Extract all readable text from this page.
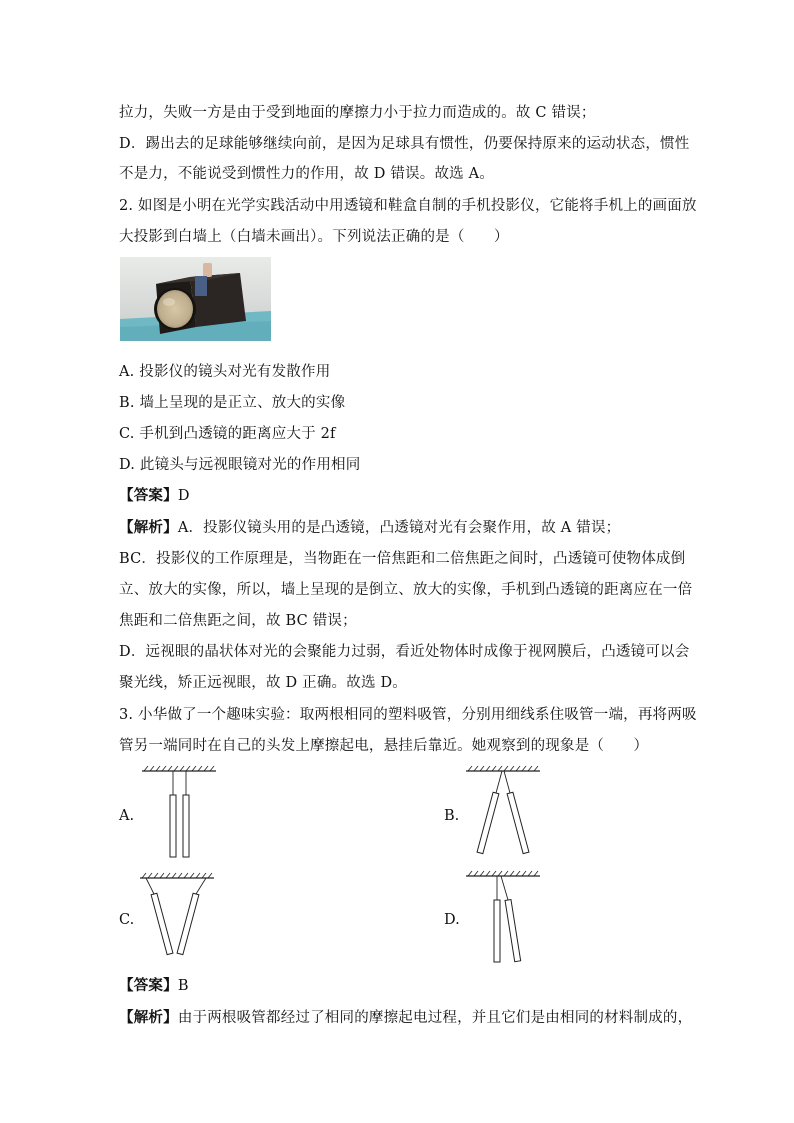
拉力，失败一方是由于受到地面的摩擦力小于拉力而造成的。故 C 错误；
D．踢出去的足球能够继续向前，是因为足球具有惯性，仍要保持原来的运动状态，惯性
不是力，不能说受到惯性力的作用，故 D 错误。故选 A。
2. 如图是小明在光学实践活动中用透镜和鞋盒自制的手机投影仪，它能将手机上的画面放
大投影到白墙上（白墙未画出）。下列说法正确的是（　　）
A. 投影仪的镜头对光有发散作用
B. 墙上呈现的是正立、放大的实像
C. 手机到凸透镜的距离应大于 2f
D. 此镜头与远视眼镜对光的作用相同
【答案】D
【解析】A．投影仪镜头用的是凸透镜，凸透镜对光有会聚作用，故 A 错误；
BC．投影仪的工作原理是，当物距在一倍焦距和二倍焦距之间时，凸透镜可使物体成倒
立、放大的实像，所以，墙上呈现的是倒立、放大的实像，手机到凸透镜的距离应在一倍
焦距和二倍焦距之间，故 BC 错误；
D．远视眼的晶状体对光的会聚能力过弱，看近处物体时成像于视网膜后，凸透镜可以会
聚光线，矫正远视眼，故 D 正确。故选 D。
3. 小华做了一个趣味实验：取两根相同的塑料吸管，分别用细线系住吸管一端，再将两吸
管另一端同时在自己的头发上摩擦起电，悬挂后靠近。她观察到的现象是（　　）
A.	B.
C.	D.
【答案】B
【解析】由于两根吸管都经过了相同的摩擦起电过程，并且它们是由相同的材料制成的，
